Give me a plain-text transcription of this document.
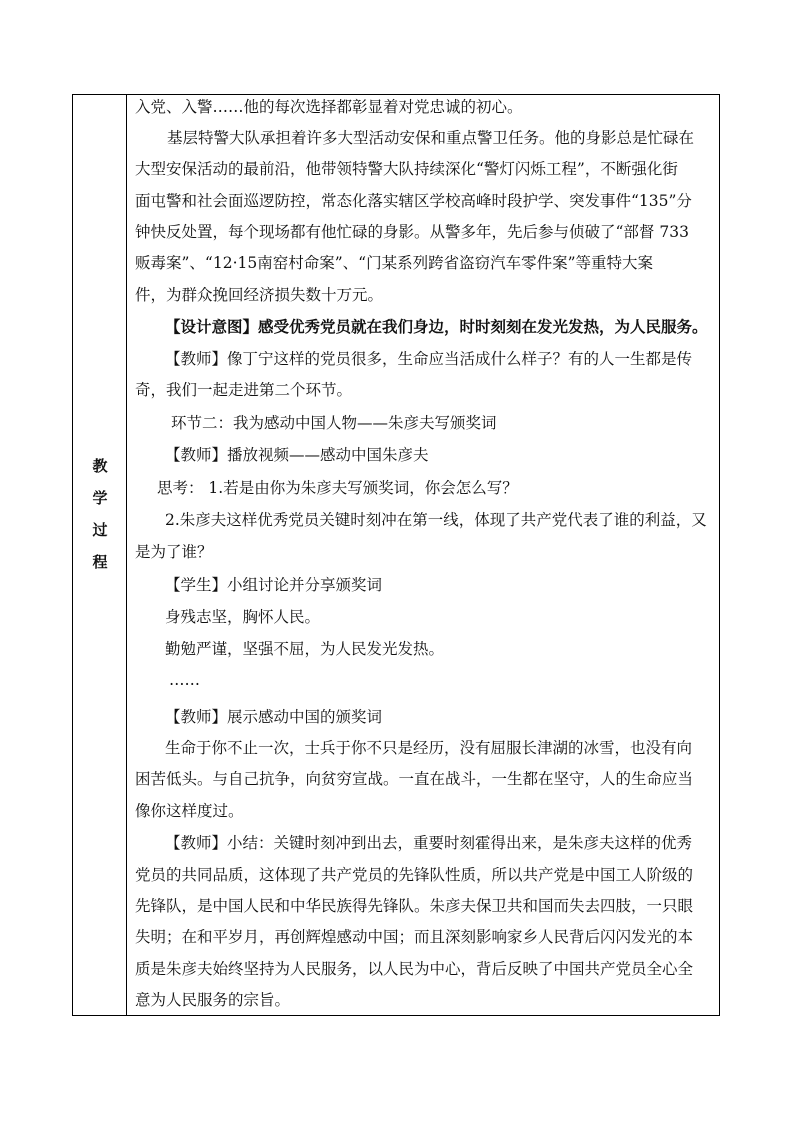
教
学
过
程
入党、入警……他的每次选择都彰显着对党忠诚的初心。
基层特警大队承担着许多大型活动安保和重点警卫任务。他的身影总是忙碌在
大型安保活动的最前沿，他带领特警大队持续深化“警灯闪烁工程”，不断强化街
面屯警和社会面巡逻防控，常态化落实辖区学校高峰时段护学、突发事件“135”分
钟快反处置，每个现场都有他忙碌的身影。从警多年，先后参与侦破了“部督 733
贩毒案”、“12·15南窑村命案”、“门某系列跨省盗窃汽车零件案”等重特大案
件，为群众挽回经济损失数十万元。
【设计意图】感受优秀党员就在我们身边，时时刻刻在发光发热，为人民服务。
【教师】像丁宁这样的党员很多，生命应当活成什么样子？有的人一生都是传
奇，我们一起走进第二个环节。
环节二：我为感动中国人物——朱彦夫写颁奖词
【教师】播放视频——感动中国朱彦夫
思考： 1.若是由你为朱彦夫写颁奖词，你会怎么写？
2.朱彦夫这样优秀党员关键时刻冲在第一线，体现了共产党代表了谁的利益，又
是为了谁？
【学生】小组讨论并分享颁奖词
身残志坚，胸怀人民。
勤勉严谨，坚强不屈，为人民发光发热。
……
【教师】展示感动中国的颁奖词
生命于你不止一次，士兵于你不只是经历，没有屈服长津湖的冰雪，也没有向
困苦低头。与自己抗争，向贫穷宣战。一直在战斗，一生都在坚守，人的生命应当
像你这样度过。
【教师】小结：关键时刻冲到出去，重要时刻霍得出来，是朱彦夫这样的优秀
党员的共同品质，这体现了共产党员的先锋队性质，所以共产党是中国工人阶级的
先锋队，是中国人民和中华民族得先锋队。朱彦夫保卫共和国而失去四肢，一只眼
失明；在和平岁月，再创辉煌感动中国；而且深刻影响家乡人民背后闪闪发光的本
质是朱彦夫始终坚持为人民服务，以人民为中心，背后反映了中国共产党员全心全
意为人民服务的宗旨。
